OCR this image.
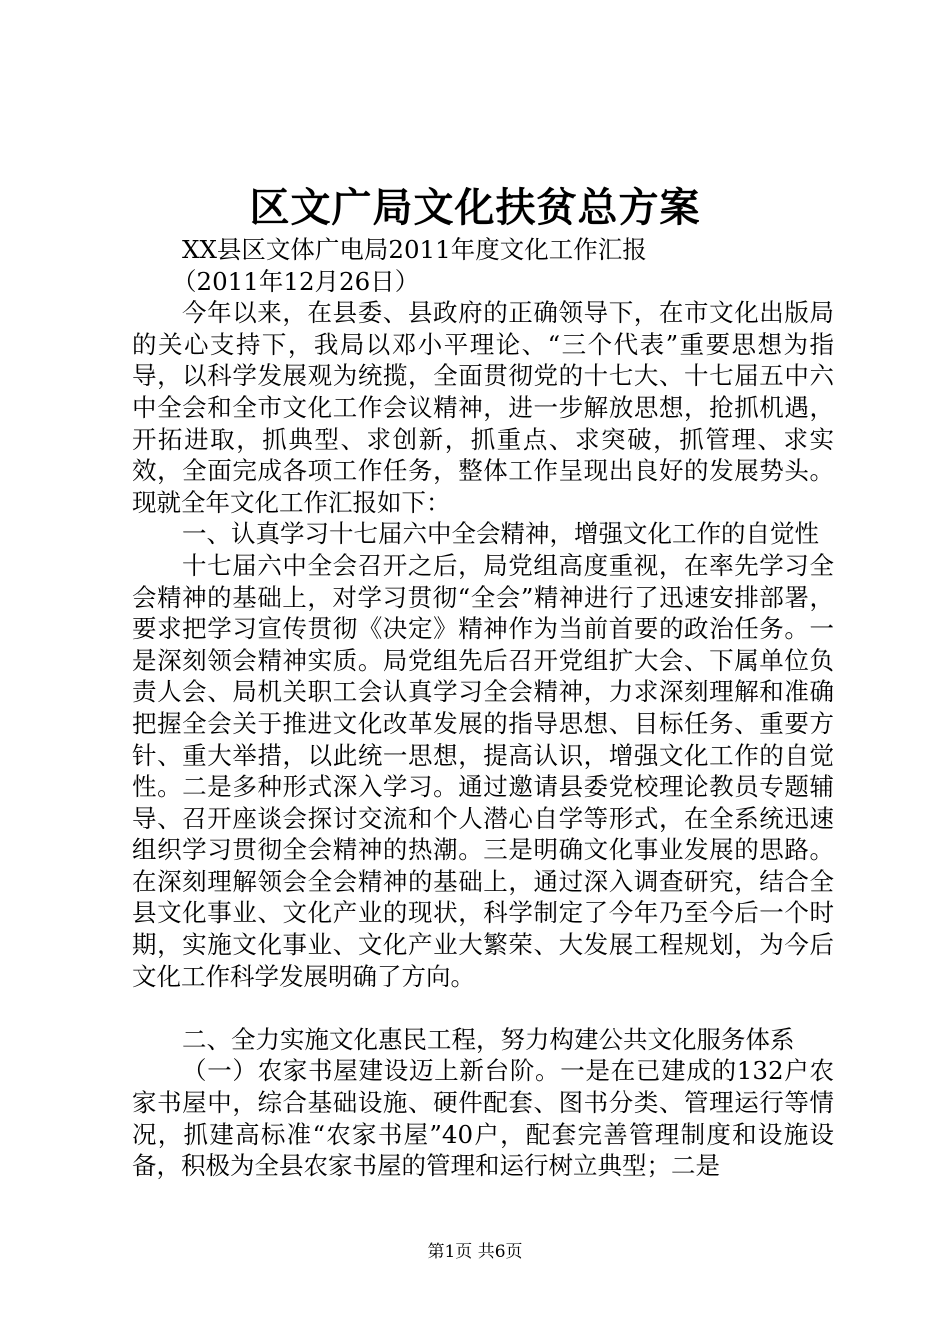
区文广局文化扶贫总方案

XX县区文体广电局2011年度文化工作汇报

（2011年12月26日）

今年以来，在县委、县政府的正确领导下，在市文化出版局的关心支持下，我局以邓小平理论、“三个代表”重要思想为指导，以科学发展观为统揽，全面贯彻党的十七大、十七届五中六中全会和全市文化工作会议精神，进一步解放思想，抢抓机遇，开拓进取，抓典型、求创新，抓重点、求突破，抓管理、求实效，全面完成各项工作任务，整体工作呈现出良好的发展势头。现就全年文化工作汇报如下：

一、认真学习十七届六中全会精神，增强文化工作的自觉性

十七届六中全会召开之后，局党组高度重视，在率先学习全会精神的基础上，对学习贯彻“全会”精神进行了迅速安排部署，要求把学习宣传贯彻《决定》精神作为当前首要的政治任务。一是深刻领会精神实质。局党组先后召开党组扩大会、下属单位负责人会、局机关职工会认真学习全会精神，力求深刻理解和准确把握全会关于推进文化改革发展的指导思想、目标任务、重要方针、重大举措，以此统一思想，提高认识，增强文化工作的自觉性。二是多种形式深入学习。通过邀请县委党校理论教员专题辅导、召开座谈会探讨交流和个人潜心自学等形式，在全系统迅速组织学习贯彻全会精神的热潮。三是明确文化事业发展的思路。在深刻理解领会全会精神的基础上，通过深入调查研究，结合全县文化事业、文化产业的现状，科学制定了今年乃至今后一个时期，实施文化事业、文化产业大繁荣、大发展工程规划，为今后文化工作科学发展明确了方向。

二、全力实施文化惠民工程，努力构建公共文化服务体系

（一）农家书屋建设迈上新台阶。一是在已建成的132户农家书屋中，综合基础设施、硬件配套、图书分类、管理运行等情况，抓建高标准“农家书屋”40户，配套完善管理制度和设施设备，积极为全县农家书屋的管理和运行树立典型；二是

第1页 共6页
